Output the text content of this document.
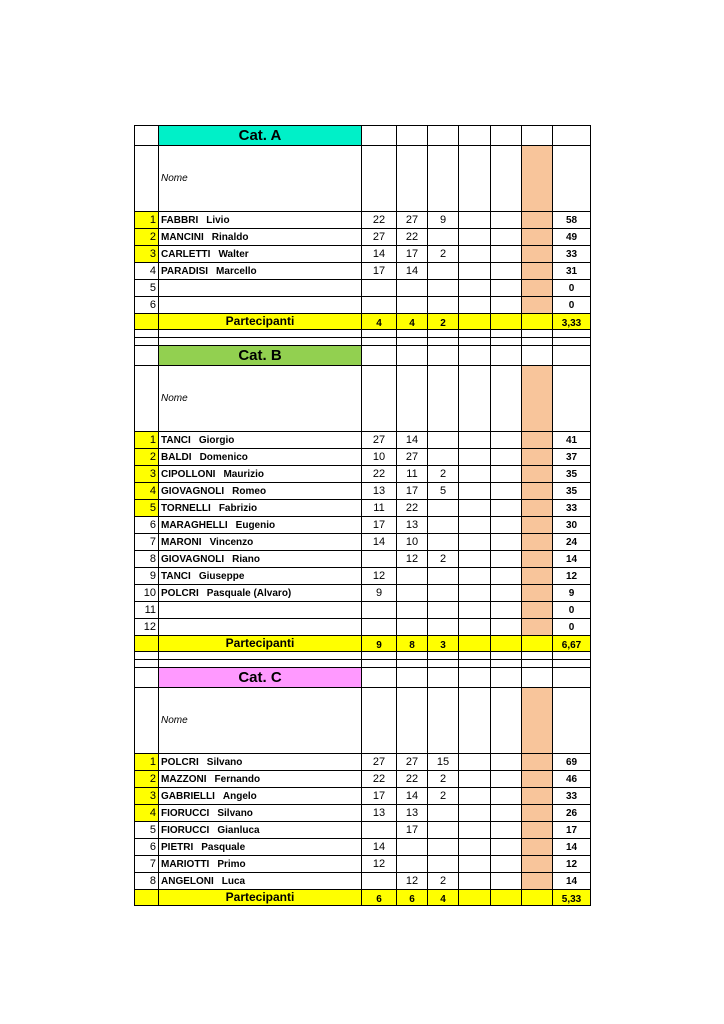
	Cat. A							
	Nome							
1	FABBRI Livio	22	27	9				58
2	MANCINI Rinaldo	27	22					49
3	CARLETTI Walter	14	17	2				33
4	PARADISI Marcello	17	14					31
5								0
6								0
	Partecipanti	4	4	2				3,33

	Cat. B							
	Nome							
1	TANCI Giorgio	27	14					41
2	BALDI Domenico	10	27					37
3	CIPOLLONI Maurizio	22	11	2				35
4	GIOVAGNOLI Romeo	13	17	5				35
5	TORNELLI Fabrizio	11	22					33
6	MARAGHELLI Eugenio	17	13					30
7	MARONI Vincenzo	14	10					24
8	GIOVAGNOLI Riano		12	2				14
9	TANCI Giuseppe	12						12
10	POLCRI Pasquale (Alvaro)	9						9
11								0
12								0
	Partecipanti	9	8	3				6,67

	Cat. C							
	Nome							
1	POLCRI Silvano	27	27	15				69
2	MAZZONI Fernando	22	22	2				46
3	GABRIELLI Angelo	17	14	2				33
4	FIORUCCI Silvano	13	13					26
5	FIORUCCI Gianluca		17					17
6	PIETRI Pasquale	14						14
7	MARIOTTI Primo	12						12
8	ANGELONI Luca		12	2				14
	Partecipanti	6	6	4				5,33
